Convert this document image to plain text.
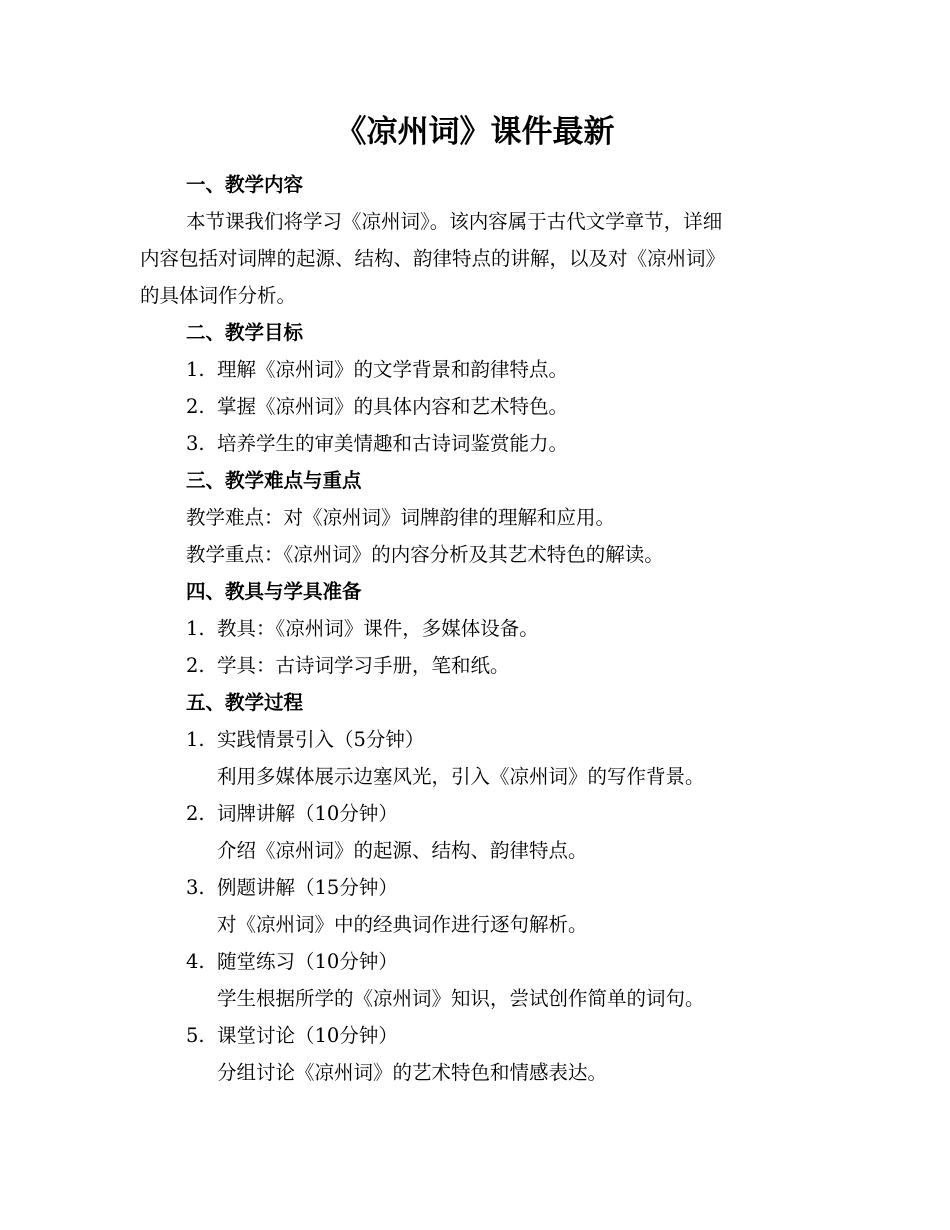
《凉州词》课件最新
一、教学内容
本节课我们将学习《凉州词》。该内容属于古代文学章节，详细
内容包括对词牌的起源、结构、韵律特点的讲解，以及对《凉州词》
的具体词作分析。
二、教学目标
1. 理解《凉州词》的文学背景和韵律特点。
2. 掌握《凉州词》的具体内容和艺术特色。
3. 培养学生的审美情趣和古诗词鉴赏能力。
三、教学难点与重点
教学难点：对《凉州词》词牌韵律的理解和应用。
教学重点：《凉州词》的内容分析及其艺术特色的解读。
四、教具与学具准备
1. 教具：《凉州词》课件，多媒体设备。
2. 学具：古诗词学习手册，笔和纸。
五、教学过程
1. 实践情景引入（5分钟）
利用多媒体展示边塞风光，引入《凉州词》的写作背景。
2. 词牌讲解（10分钟）
介绍《凉州词》的起源、结构、韵律特点。
3. 例题讲解（15分钟）
对《凉州词》中的经典词作进行逐句解析。
4. 随堂练习（10分钟）
学生根据所学的《凉州词》知识，尝试创作简单的词句。
5. 课堂讨论（10分钟）
分组讨论《凉州词》的艺术特色和情感表达。
